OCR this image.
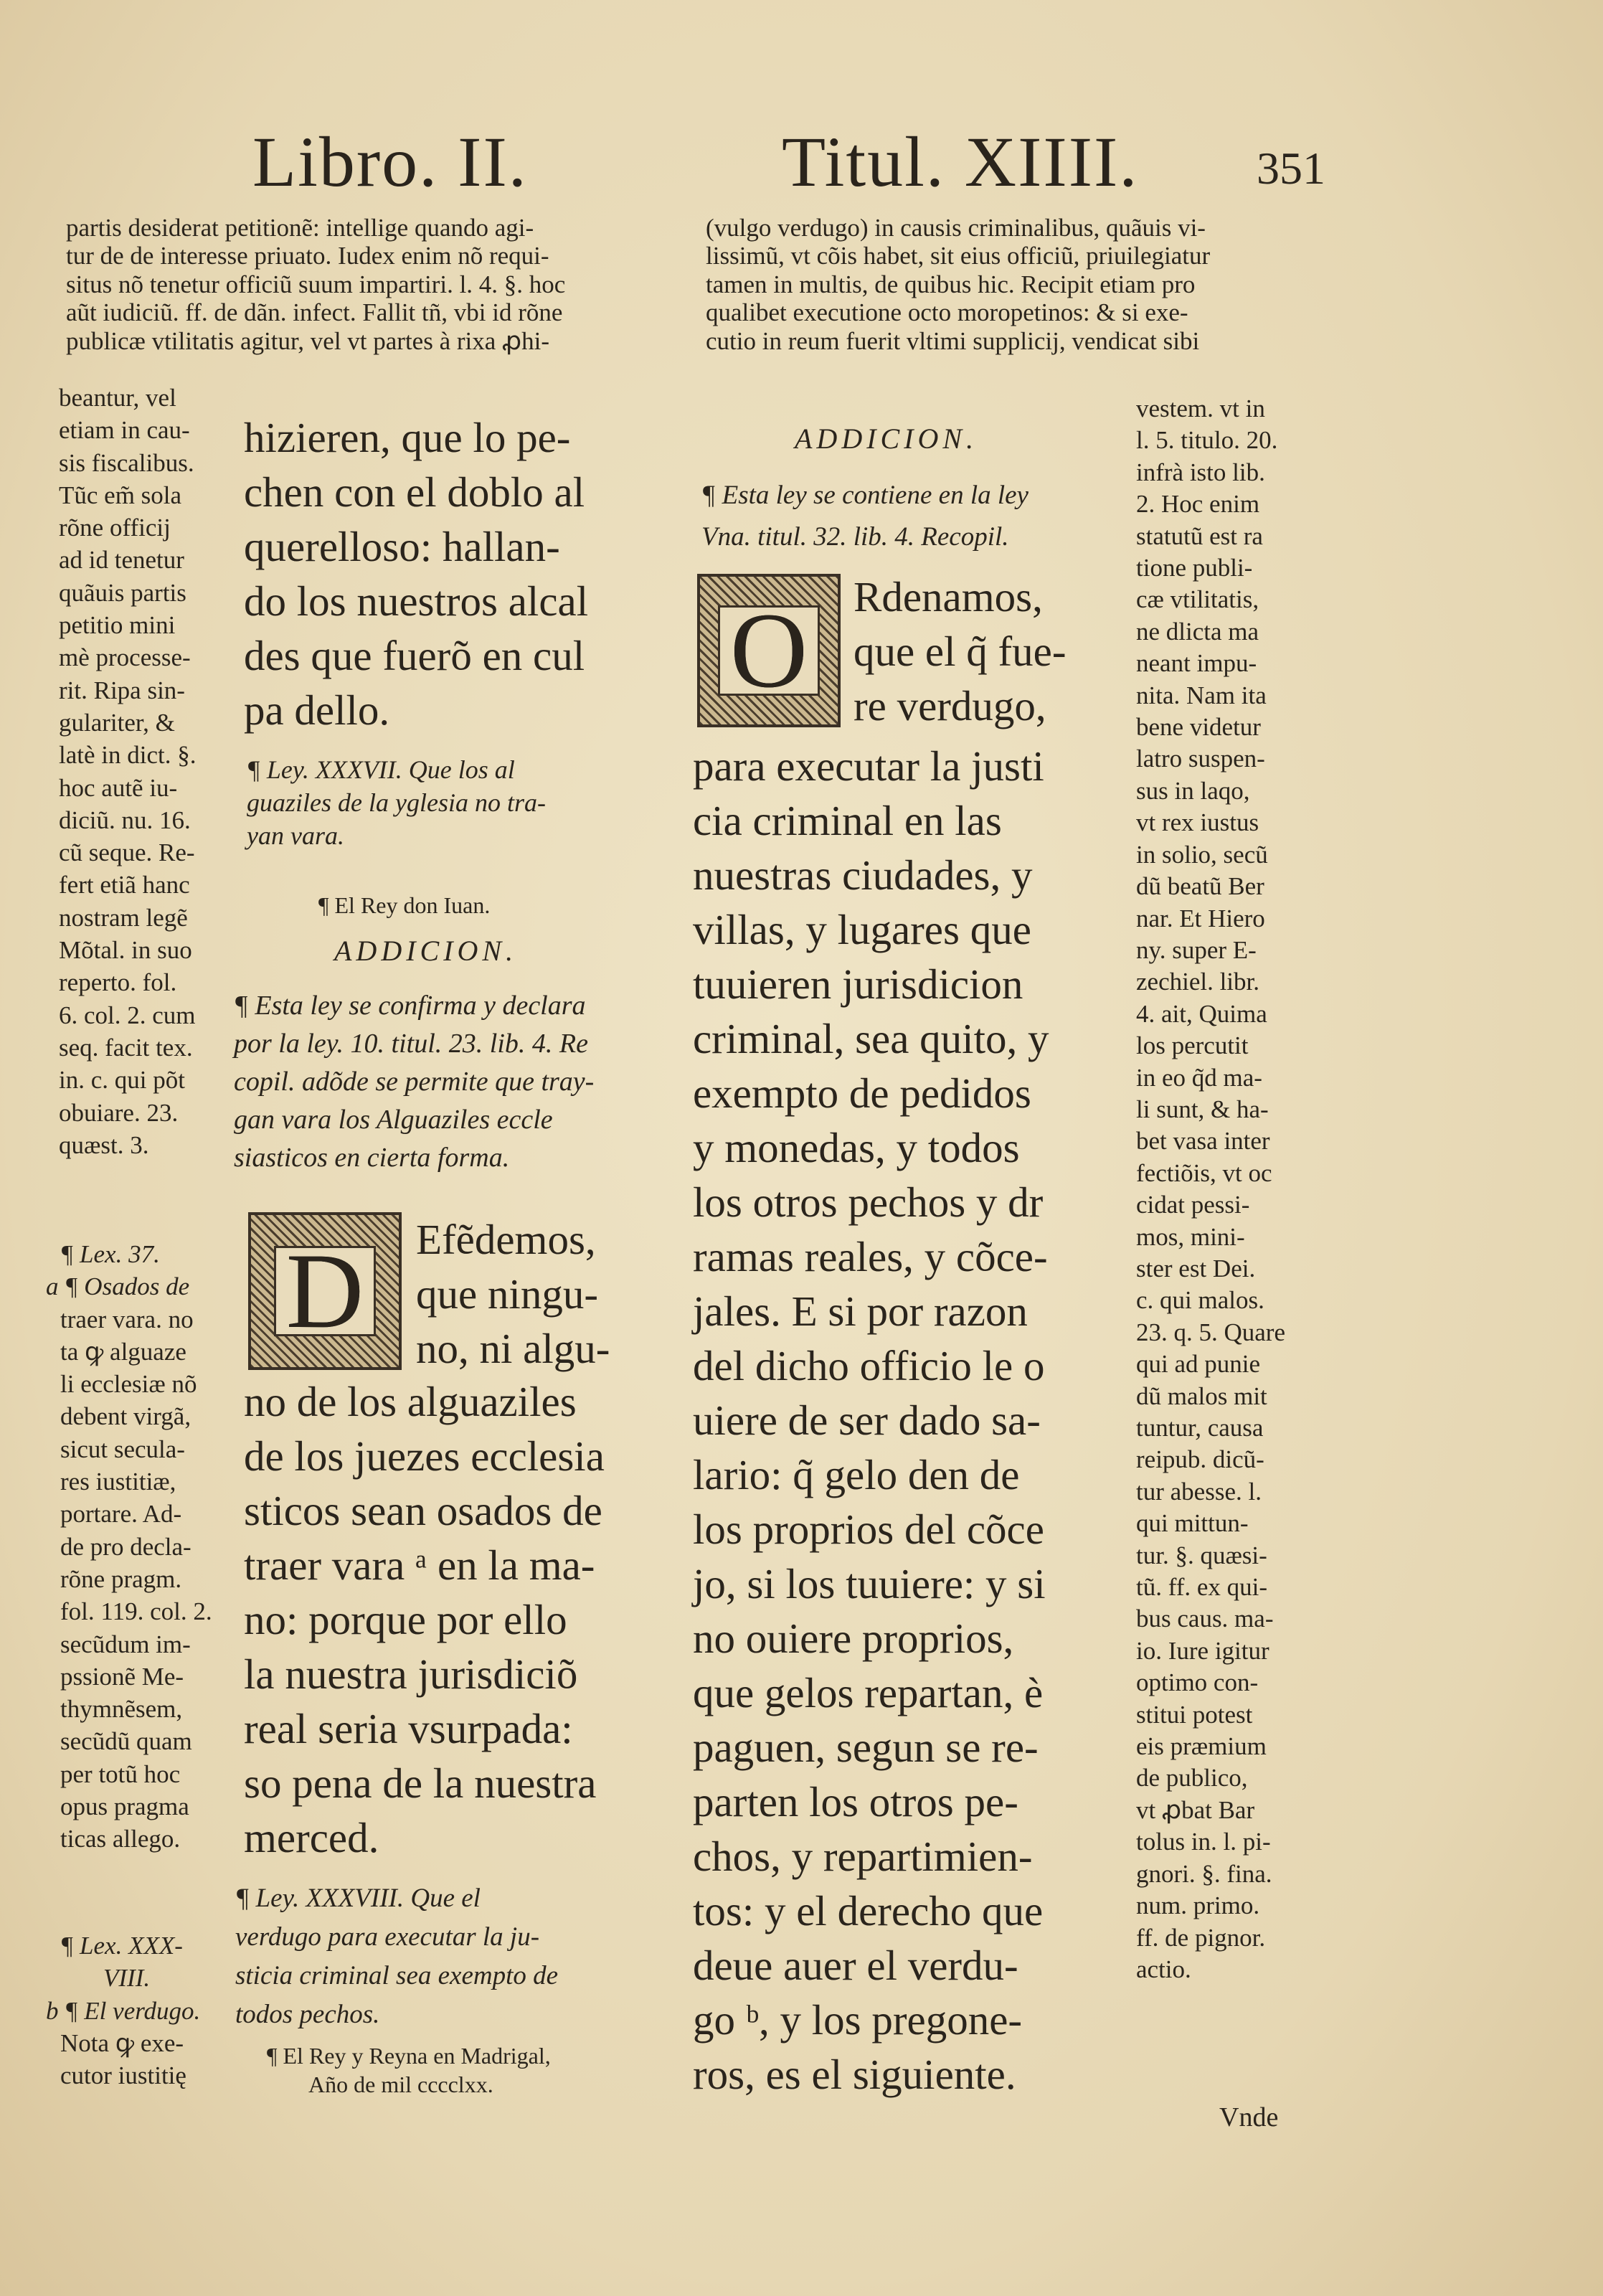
Libro. II.	Titul. XIIII.	351
partis desiderat petitionẽ: intellige quando agi-
tur de de interesse priuato. Iudex enim nõ requi-
situs nõ tenetur officiũ suum impartiri. l. 4. §. hoc
aũt iudiciũ. ff. de dãn. infect. Fallit tñ, vbi id rõne
publicæ vtilitatis agitur, vel vt partes à rixa ꝓhi-
(vulgo verdugo) in causis criminalibus, quãuis vi-
lissimũ, vt cõis habet, sit eius officiũ, priuilegiatur
tamen in multis, de quibus hic. Recipit etiam pro
qualibet executione octo moropetinos: & si exe-
cutio in reum fuerit vltimi supplicij, vendicat sibi
beantur, vel
etiam in cau-
sis fiscalibus.
Tũc em̃ sola
rõne officij
ad id tenetur
quãuis partis
petitio mini
mè processe-
rit. Ripa sin-
gulariter, &
latè in dict. §.
hoc autẽ iu-
diciũ. nu. 16.
cũ seque. Re-
fert etiã hanc
nostram legẽ
Mõtal. in suo
reperto. fol.
6. col. 2. cum
seq. facit tex.
in. c. qui põt
obuiare. 23.
quæst. 3.
¶ Lex. 37.
a ¶ Osados de
traer vara. no
ta ꝙ alguaze
li ecclesiæ nõ
debent virgã,
sicut secula-
res iustitiæ,
portare. Ad-
de pro decla-
rõne pragm.
fol. 119. col. 2.
secũdum im-
pssionẽ Me-
thymnẽsem,
secũdũ quam
per totũ hoc
opus pragma
ticas allego.
¶ Lex. XXX-
VIII.
b ¶ El verdugo.
Nota ꝙ exe-
cutor iustitię
hizieren, que lo pe-
chen con el doblo al
querelloso: hallan-
do los nuestros alcal
des que fuerõ en cul
pa dello.
¶ Ley. XXXVII. Que los al
guaziles de la yglesia no tra-
yan vara.
¶ El Rey don Iuan.
ADDICION.
¶ Esta ley se confirma y declara
por la ley. 10. titul. 23. lib. 4. Re
copil. adõde se permite que tray-
gan vara los Alguaziles eccle
siasticos en cierta forma.
D Efẽdemos,
que ningu-
no, ni algu-
no de los alguaziles
de los juezes ecclesia
sticos sean osados de
traer vara ᵃ en la ma-
no: porque por ello
la nuestra jurisdiciõ
real seria vsurpada:
so pena de la nuestra
merced.
¶ Ley. XXXVIII. Que el
verdugo para executar la ju-
sticia criminal sea exempto de
todos pechos.
¶ El Rey y Reyna en Madrigal,
Año de mil cccclxx.
ADDICION.
¶ Esta ley se contiene en la ley
Vna. titul. 32. lib. 4. Recopil.
O Rdenamos,
que el q̃ fue-
re verdugo,
para executar la justi
cia criminal en las
nuestras ciudades, y
villas, y lugares que
tuuieren jurisdicion
criminal, sea quito, y
exempto de pedidos
y monedas, y todos
los otros pechos y dr
ramas reales, y cõce-
jales. E si por razon
del dicho officio le o
uiere de ser dado sa-
lario: q̃ gelo den de
los proprios del cõce
jo, si los tuuiere: y si
no ouiere proprios,
que gelos repartan, è
paguen, segun se re-
parten los otros pe-
chos, y repartimien-
tos: y el derecho que
deue auer el verdu-
go ᵇ, y los pregone-
ros, es el siguiente.
vestem. vt in
l. 5. titulo. 20.
infrà isto lib.
2. Hoc enim
statutũ est ra
tione publi-
cæ vtilitatis,
ne dlicta ma
neant impu-
nita. Nam ita
bene videtur
latro suspen-
sus in laqo,
vt rex iustus
in solio, secũ
dũ beatũ Ber
nar. Et Hiero
ny. super E-
zechiel. libr.
4. ait, Quima
los percutit
in eo q̃d ma-
li sunt, & ha-
bet vasa inter
fectiõis, vt oc
cidat pessi-
mos, mini-
ster est Dei.
c. qui malos.
23. q. 5. Quare
qui ad punie
dũ malos mit
tuntur, causa
reipub. dicũ-
tur abesse. l.
qui mittun-
tur. §. quæsi-
tũ. ff. ex qui-
bus caus. ma-
io. Iure igitur
optimo con-
stitui potest
eis præmium
de publico,
vt ꝓbat Bar
tolus in. l. pi-
gnori. §. fina.
num. primo.
ff. de pignor.
actio.
Vnde
